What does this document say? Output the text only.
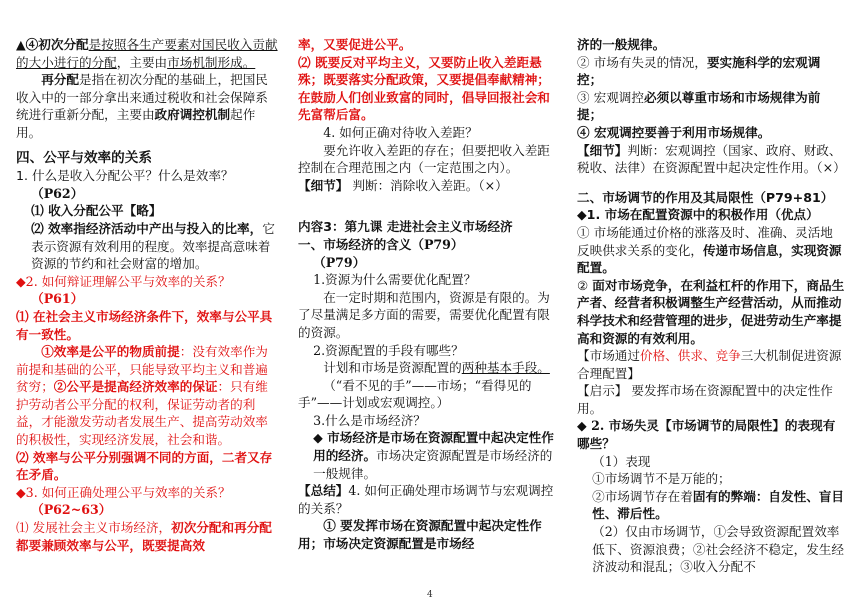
▲④初次分配是按照各生产要素对国民收入贡献的大小进行的分配，主要由市场机制形成。

再分配是指在初次分配的基础上，把国民收入中的一部分拿出来通过税收和社会保障系统进行重新分配，主要由政府调控机制起作用。

四、公平与效率的关系

1. 什么是收入分配公平？什么是效率？

（P62）

⑴ 收入分配公平【略】

⑵ 效率指经济活动中产出与投入的比率，它表示资源有效利用的程度。效率提高意味着资源的节约和社会财富的增加。

◆2. 如何辩证理解公平与效率的关系？

（P61）

⑴ 在社会主义市场经济条件下，效率与公平具有一致性。

①效率是公平的物质前提：没有效率作为前提和基础的公平，只能导致平均主义和普遍贫穷；②公平是提高经济效率的保证：只有维护劳动者公平分配的权利，保证劳动者的利益，才能激发劳动者发展生产、提高劳动效率的积极性，实现经济发展，社会和谐。

⑵ 效率与公平分别强调不同的方面，二者又存在矛盾。

◆3. 如何正确处理公平与效率的关系？

（P62~63）

⑴ 发展社会主义市场经济，初次分配和再分配都要兼顾效率与公平，既要提高效

率，又要促进公平。

⑵ 既要反对平均主义，又要防止收入差距悬殊；既要落实分配政策，又要提倡奉献精神；在鼓励人们创业致富的同时，倡导回报社会和先富帮后富。

4. 如何正确对待收入差距？

要允许收入差距的存在；但要把收入差距控制在合理范围之内（一定范围之内）。

【细节】 判断：消除收入差距。（×）

内容3：第九课 走进社会主义市场经济

一、市场经济的含义（P79）

（P79）

1.资源为什么需要优化配置？

在一定时期和范围内，资源是有限的。为了尽量满足多方面的需要，需要优化配置有限的资源。

2.资源配置的手段有哪些？

计划和市场是资源配置的两种基本手段。

（“看不见的手”——市场；“看得见的手”——计划或宏观调控。）

3.什么是市场经济？

◆ 市场经济是市场在资源配置中起决定性作用的经济。市场决定资源配置是市场经济的一般规律。

【总结】4. 如何正确处理市场调节与宏观调控的关系？

① 要发挥市场在资源配置中起决定性作用；市场决定资源配置是市场经

济的一般规律。

② 市场有失灵的情况，要实施科学的宏观调控；

③ 宏观调控必须以尊重市场和市场规律为前提；

④ 宏观调控要善于利用市场规律。

【细节】判断：宏观调控（国家、政府、财政、税收、法律）在资源配置中起决定性作用。（×）

二、市场调节的作用及其局限性（P79+81）

◆1. 市场在配置资源中的积极作用（优点）

① 市场能通过价格的涨落及时、准确、灵活地反映供求关系的变化，传递市场信息，实现资源配置。

② 面对市场竞争，在利益杠杆的作用下，商品生产者、经营者积极调整生产经营活动，从而推动科学技术和经营管理的进步，促进劳动生产率提高和资源的有效利用。

【市场通过价格、供求、竞争三大机制促进资源合理配置】

【启示】 要发挥市场在资源配置中的决定性作用。

◆ 2. 市场失灵【市场调节的局限性】的表现有哪些？

（1）表现

①市场调节不是万能的；

②市场调节存在着固有的弊端：自发性、盲目性、滞后性。

（2）仅由市场调节，①会导致资源配置效率低下、资源浪费；②社会经济不稳定，发生经济波动和混乱；③收入分配不

4
